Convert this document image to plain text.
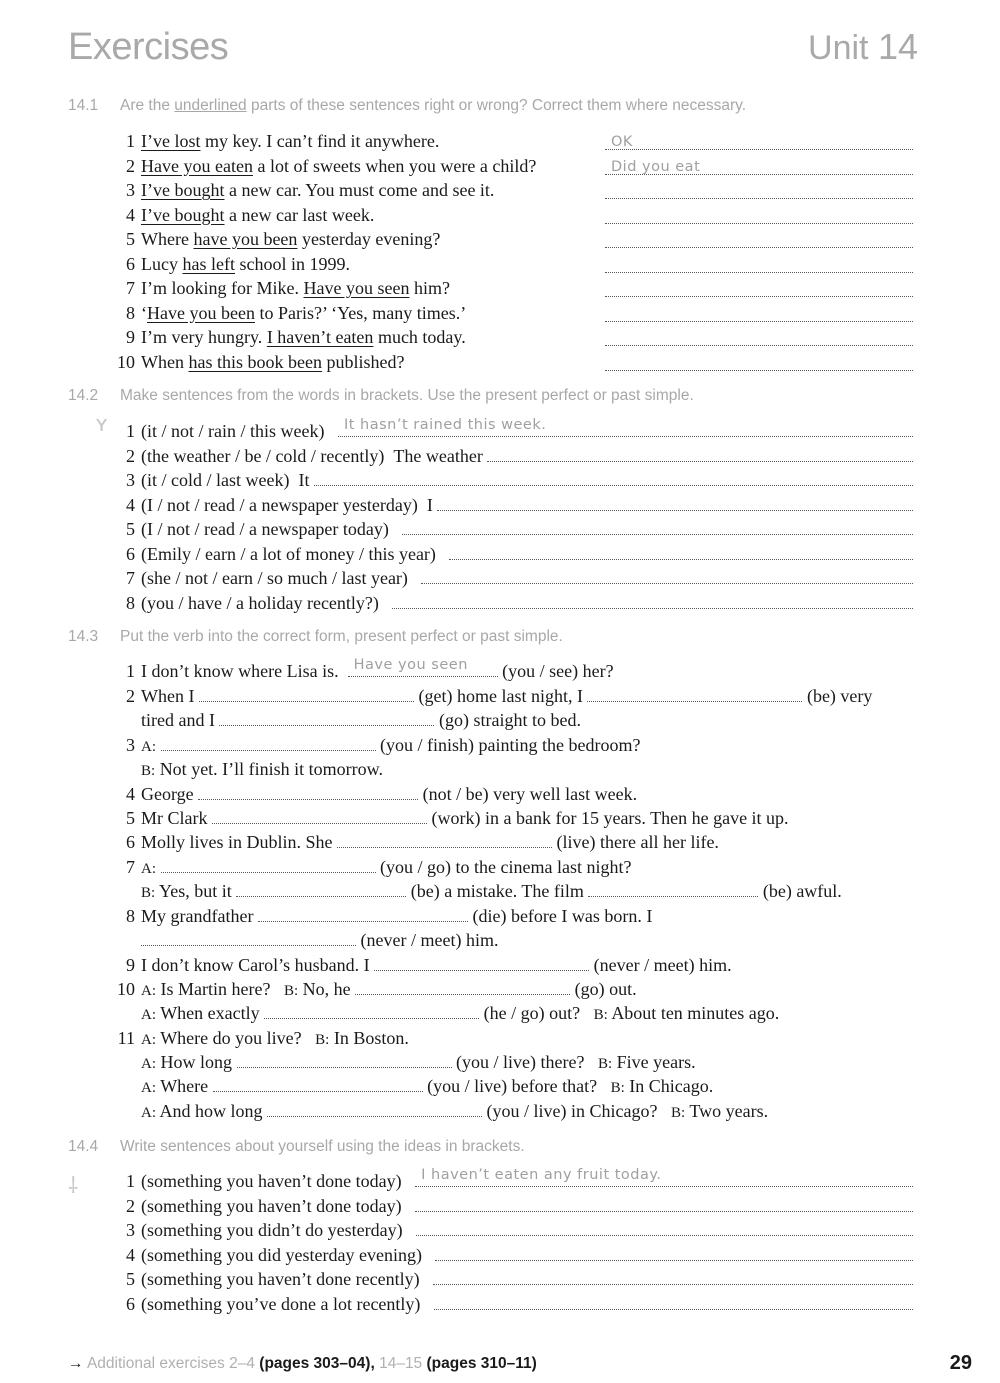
Exercises	Unit 14
14.1 Are the underlined parts of these sentences right or wrong? Correct them where necessary.
1 I’ve lost my key. I can’t find it anywhere.	OK
2 Have you eaten a lot of sweets when you were a child?	Did you eat
3 I’ve bought a new car. You must come and see it.
4 I’ve bought a new car last week.
5 Where have you been yesterday evening?
6 Lucy has left school in 1999.
7 I’m looking for Mike. Have you seen him?
8 ‘Have you been to Paris?’ ‘Yes, many times.’
9 I’m very hungry. I haven’t eaten much today.
10 When has this book been published?
14.2 Make sentences from the words in brackets. Use the present perfect or past simple.
ʏ 1 (it / not / rain / this week)

It hasn’t rained this week.
2 (the weather / be / cold / recently)
The weather

3 (it / cold / last week)
It

4 (I / not / read / a newspaper yesterday)
I

5 (I / not / read / a newspaper today)

6 (Emily / earn / a lot of money / this year)

7 (she / not / earn / so much / last year)

8 (you / have / a holiday recently?)

14.3 Put the verb into the correct form, present perfect or past simple.
1 I don’t know where Lisa is. Have you seen (you / see) her?
2 When I	(get) home last night, I	(be) very
tired and I	(go) straight to bed.
3 A:	(you / finish) painting the bedroom?
B: Not yet. I’ll finish it tomorrow.
4 George	(not / be) very well last week.
5 Mr Clark	(work) in a bank for 15 years. Then he gave it up.
6 Molly lives in Dublin. She	(live) there all her life.
7 A:	(you / go) to the cinema last night?
B: Yes, but it	(be) a mistake. The film	(be) awful.
8 My grandfather	(die) before I was born. I
(never / meet) him.
9 I don’t know Carol’s husband. I	(never / meet) him.
10 A: Is Martin here? B: No, he	(go) out.
A: When exactly	(he / go) out? B: About ten minutes ago.
11 A: Where do you live? B: In Boston.
A: How long	(you / live) there? B: Five years.
A: Where	(you / live) before that? B: In Chicago.
A: And how long	(you / live) in Chicago? B: Two years.
14.4 Write sentences about yourself using the ideas in brackets.
⸸	1 (something you haven’t done today)
I haven’t eaten any fruit today.
2 (something you haven’t done today)

3 (something you didn’t do yesterday)

4 (something you did yesterday evening)

5 (something you haven’t done recently)

6 (something you’ve done a lot recently)

→ Additional exercises 2–4 (pages 303–04), 14–15 (pages 310–11)	29
